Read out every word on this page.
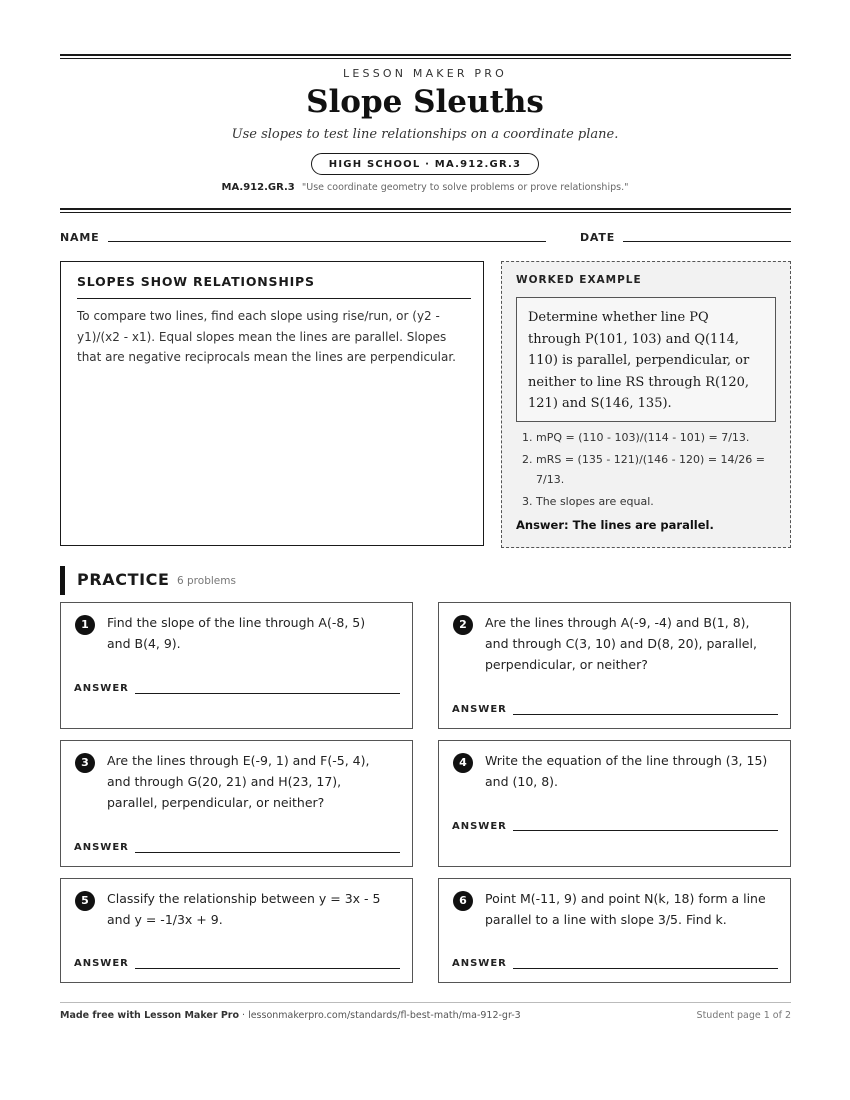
LESSON MAKER PRO
Slope Sleuths
Use slopes to test line relationships on a coordinate plane.
HIGH SCHOOL · MA.912.GR.3
MA.912.GR.3 "Use coordinate geometry to solve problems or prove relationships."
NAME	DATE
SLOPES SHOW RELATIONSHIPS

To compare two lines, find each slope using rise/run, or (y2 - y1)/(x2 - x1). Equal slopes mean the lines are parallel. Slopes that are negative reciprocals mean the lines are perpendicular.

WORKED EXAMPLE
Determine whether line PQ through P(101, 103) and Q(114, 110) is parallel, perpendicular, or neither to line RS through R(120, 121) and S(146, 135).
1. mPQ = (110 - 103)/(114 - 101) = 7/13.
2. mRS = (135 - 121)/(146 - 120) = 14/26 = 7/13.
3. The slopes are equal.
Answer: The lines are parallel.
PRACTICE 6 problems
1	Find the slope of the line through A(-8, 5) and B(4, 9).
ANSWER
2	Are the lines through A(-9, -4) and B(1, 8), and through C(3, 10) and D(8, 20), parallel, perpendicular, or neither?
ANSWER
3	Are the lines through E(-9, 1) and F(-5, 4), and through G(20, 21) and H(23, 17), parallel, perpendicular, or neither?
ANSWER
4	Write the equation of the line through (3, 15) and (10, 8).
ANSWER
5	Classify the relationship between y = 3x - 5 and y = -1/3x + 9.
ANSWER
6	Point M(-11, 9) and point N(k, 18) form a line parallel to a line with slope 3/5. Find k.
ANSWER
Made free with Lesson Maker Pro · lessonmakerpro.com/standards/fl-best-math/ma-912-gr-3	Student page 1 of 2
